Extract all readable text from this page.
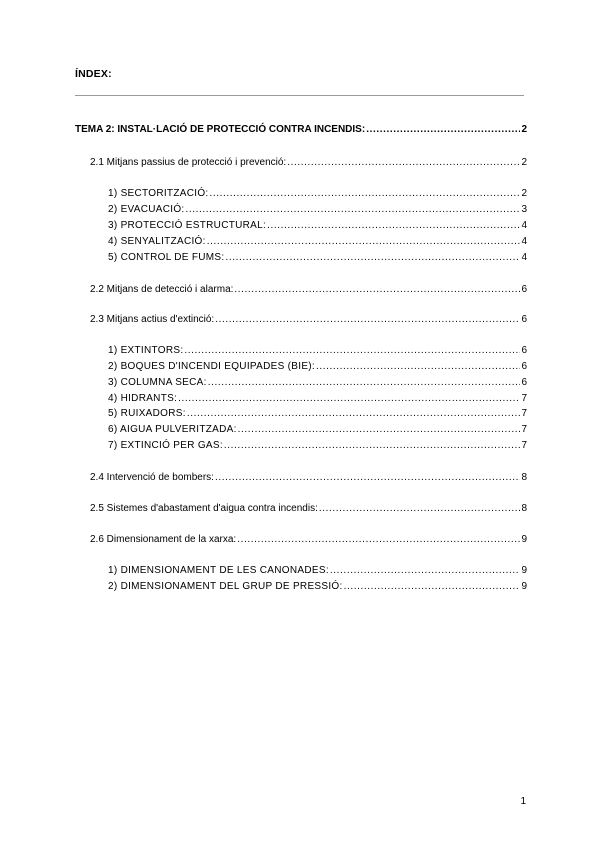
ÍNDEX:
TEMA 2: INSTAL·LACIÓ DE PROTECCIÓ CONTRA INCENDIS: .....	2
2.1 Mitjans passius de protecció i prevenció: .....	2
1) SECTORITZACIÓ: .....	2
2) EVACUACIÓ: .....	3
3) PROTECCIÓ ESTRUCTURAL: .....	4
4) SENYALITZACIÓ: .....	4
5) CONTROL DE FUMS: .....	4
2.2 Mitjans de detecció i alarma: .....	6
2.3 Mitjans actius d'extinció: .....	6
1) EXTINTORS: .....	6
2) BOQUES D'INCENDI EQUIPADES (BIE): .....	6
3) COLUMNA SECA: .....	6
4) HIDRANTS: .....	7
5) RUIXADORS: .....	7
6) AIGUA PULVERITZADA: .....	7
7) EXTINCIÓ PER GAS: .....	7
2.4 Intervenció de bombers: .....	8
2.5 Sistemes d'abastament d'aigua contra incendis: .....	8
2.6 Dimensionament de la xarxa: .....	9
1) DIMENSIONAMENT DE LES CANONADES: .....	9
2) DIMENSIONAMENT DEL GRUP DE PRESSIÓ: .....	9
1
